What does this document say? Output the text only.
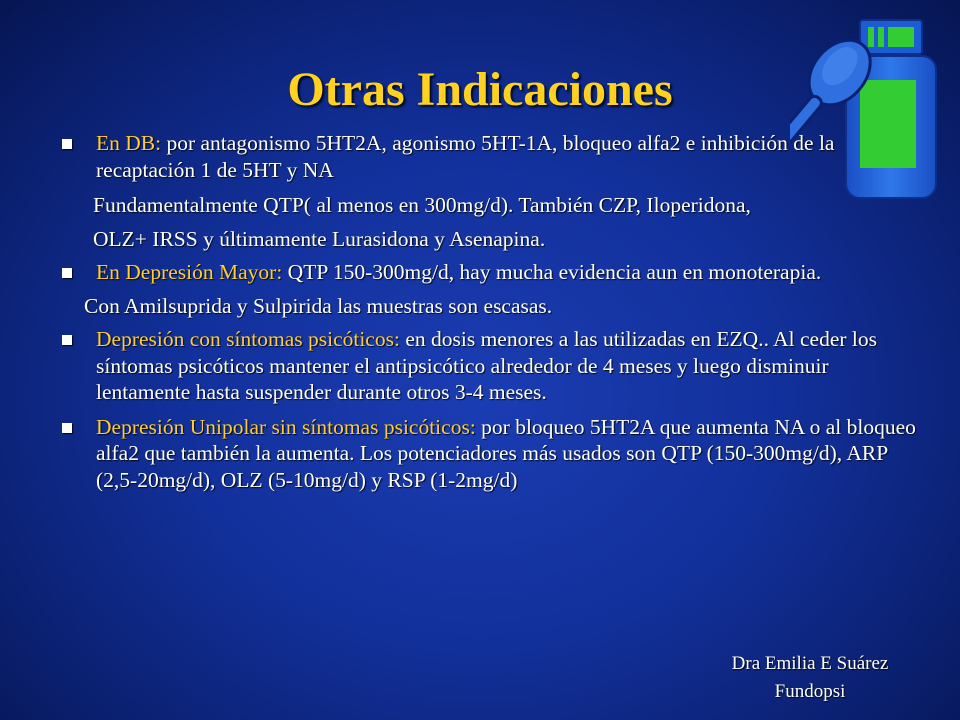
Otras Indicaciones
En DB: por antagonismo 5HT2A, agonismo 5HT-1A, bloqueo alfa2 e inhibición de la recaptación 1 de 5HT y NA
Fundamentalmente QTP( al menos en 300mg/d). También CZP, Iloperidona,
OLZ+ IRSS y últimamente Lurasidona y Asenapina.
En Depresión Mayor: QTP 150-300mg/d, hay mucha evidencia aun en monoterapia.
Con Amilsuprida y Sulpirida las muestras son escasas.
Depresión con síntomas psicóticos: en dosis menores a las utilizadas en EZQ.. Al ceder los síntomas psicóticos mantener el antipsicótico alrededor de 4 meses y luego disminuir lentamente hasta suspender durante otros 3-4 meses.
Depresión Unipolar sin síntomas psicóticos: por bloqueo 5HT2A que aumenta NA o al bloqueo alfa2 que también la aumenta. Los potenciadores más usados son QTP (150-300mg/d), ARP (2,5-20mg/d), OLZ (5-10mg/d) y RSP (1-2mg/d)
Dra Emilia E Suárez
Fundopsi
